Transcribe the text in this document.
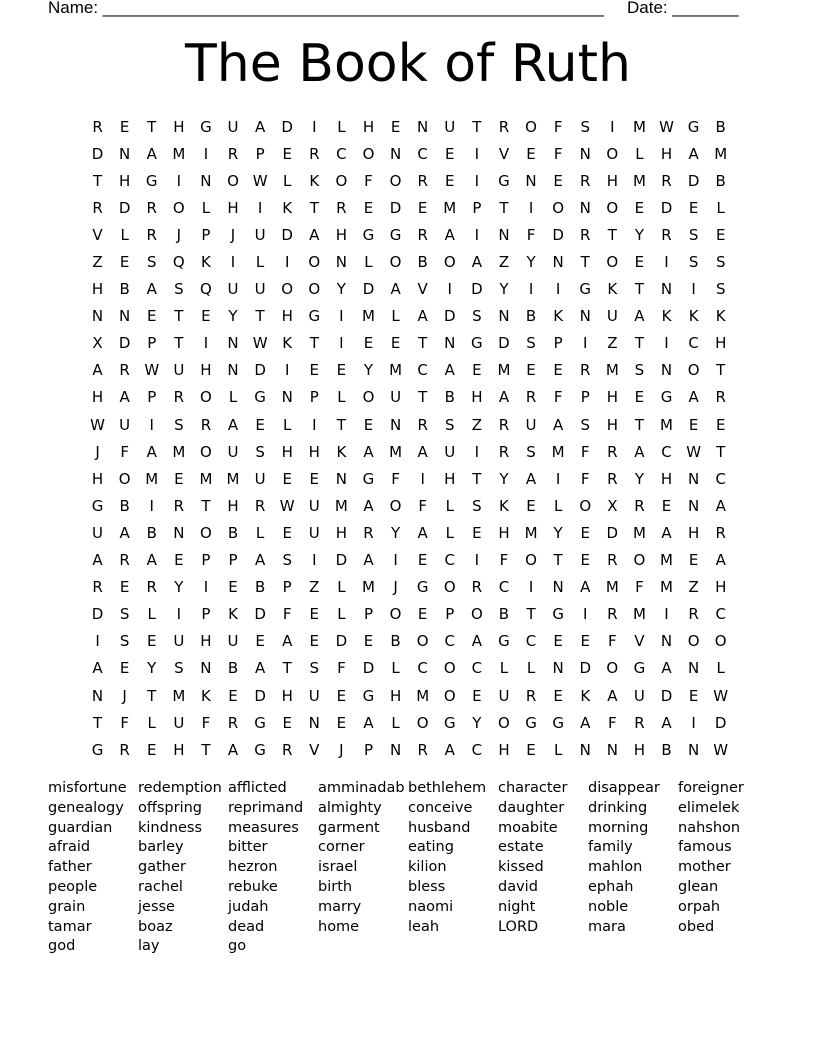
Name: _____________________________________________________ Date: _______
The Book of Ruth
R	E	T	H	G	U	A	D	I	L	H	E	N	U	T	R	O	F	S	I	M W G	B
D	N	A	M	I	R	P	E	R	C	O	N	C	E	I	V	E	F	N	O	L	H	A	M
T	H	G	I	N	O W	L	K	O	F	O	R	E	I	G	N	E	R	H M	R	D	B
R	D	R	O	L	H	I	K	T	R	E	D	E	M	P	T	I	O	N	O	E	D	E	L
V	L	R	J	P	J	U	D	A	H	G	G	R	A	I	N	F	D	R	T	Y	R	S	E
Z	E	S	Q	K	I	L	I	O	N	L	O	B	O	A	Z	Y	N	T	O	E	I	S	S
H	B	A	S	Q	U	U	O	O	Y	D	A	V	I	D	Y	I	I	G	K	T	N	I	S
N	N	E	T	E	Y	T	H	G	I	M	L	A	D	S	N	B	K	N	U	A	K	K	K
X	D	P	T	I	N W K	T	I	E	E	T	N	G	D	S	P	I	Z	T	I	C	H
A	R W U	H	N	D	I	E	E	Y	M	C	A	E	M	E	E	R	M	S	N	O	T
H	A	P	R	O	L	G	N	P	L	O	U	T	B	H	A	R	F	P	H	E	G	A	R
W U	I	S	R	A	E	L	I	T	E	N	R	S	Z	R	U	A	S	H	T	M	E	E
J	F	A	M O	U	S	H	H	K	A	M	A	U	I	R	S	M	F	R	A	C W	T
H	O M	E	M M	U	E	E	N	G	F	I	H	T	Y	A	I	F	R	Y	H	N	C
G	B	I	R	T	H	R W U	M	A	O	F	L	S	K	E	L	O	X	R	E	N	A
U	A	B	N	O	B	L	E	U	H	R	Y	A	L	E	H M	Y	E	D M	A	H	R
A	R	A	E	P	P	A	S	I	D	A	I	E	C	I	F	O	T	E	R	O M	E	A
R	E	R	Y	I	E	B	P	Z	L	M	J	G	O	R	C	I	N	A	M	F	M	Z	H
D	S	L	I	P	K	D	F	E	L	P	O	E	P	O	B	T	G	I	R	M	I	R	C
I	S	E	U	H	U	E	A	E	D	E	B	O	C	A	G	C	E	E	F	V	N	O	O
A	E	Y	S	N	B	A	T	S	F	D	L	C	O	C	L	L	N	D	O	G	A	N	L
N	J	T	M	K	E	D	H	U	E	G	H M O	E	U	R	E	K	A	U	D	E W
T	F	L	U	F	R	G	E	N	E	A	L	O	G	Y	O	G	G	A	F	R	A	I	D
G	R	E	H	T	A	G	R	V	J	P	N	R	A	C	H	E	L	N	N	H	B	N W
misfortune redemption afflicted	amminadab bethlehem character	disappear	foreigner
genealogy offspring	reprimand	almighty	conceive	daughter	drinking	elimelek
guardian	kindness	measures	garment	husband	moabite	morning	nahshon
afraid	barley	bitter	corner	eating	estate	family	famous
father	gather	hezron	israel	kilion	kissed	mahlon	mother
people	rachel	rebuke	birth	bless	david	ephah	glean
grain	jesse	judah	marry	naomi	night	noble	orpah
tamar	boaz	dead	home	leah	LORD	mara	obed
god	lay	go
